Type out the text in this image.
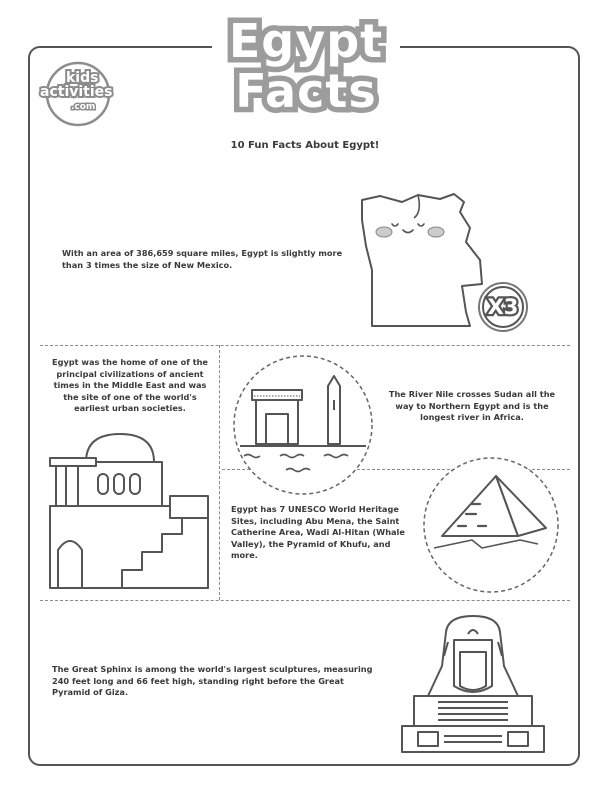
Egypt
Facts
kids
activities
.com
10 Fun Facts About Egypt!

With an area of 386,659 square miles, Egypt is slightly more than 3 times the size of New Mexico.

X3

Egypt was the home of one of the principal civilizations of ancient times in the Middle East and was the site of one of the world's earliest urban societies.

The River Nile crosses Sudan all the way to Northern Egypt and is the longest river in Africa.

Egypt has 7 UNESCO World Heritage Sites, including Abu Mena, the Saint Catherine Area, Wadi Al-Hitan (Whale Valley), the Pyramid of Khufu, and more.

The Great Sphinx is among the world's largest sculptures, measuring 240 feet long and 66 feet high, standing right before the Great Pyramid of Giza.
